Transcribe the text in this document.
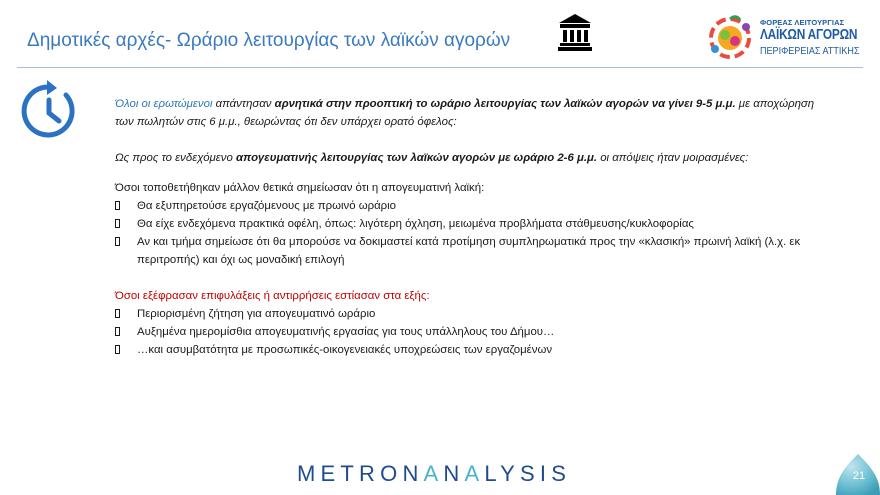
Δημοτικές αρχές- Ωράριο λειτουργίας των λαϊκών αγορών
ΦΟΡΕΑΣ ΛΕΙΤΟΥΡΓΙΑΣ
ΛΑΪΚΩΝ ΑΓΟΡΩΝ
ΠΕΡΙΦΕΡΕΙΑΣ ΑΤΤΙΚΗΣ

Όλοι οι ερωτώμενοι απάντησαν αρνητικά στην προοπτική το ωράριο λειτουργίας των λαϊκών αγορών να γίνει 9-5 μ.μ. με αποχώρηση των πωλητών στις 6 μ.μ., θεωρώντας ότι δεν υπάρχει ορατό όφελος:

Ως προς το ενδεχόμενο απογευματινής λειτουργίας των λαϊκών αγορών με ωράριο 2-6 μ.μ. οι απόψεις ήταν μοιρασμένες:

Όσοι τοποθετήθηκαν μάλλον θετικά σημείωσαν ότι η απογευματινή λαϊκή:

Θα εξυπηρετούσε εργαζόμενους με πρωινό ωράριο
Θα είχε ενδεχόμενα πρακτικά οφέλη, όπως: λιγότερη όχληση, μειωμένα προβλήματα στάθμευσης/κυκλοφορίας
Αν και τμήμα σημείωσε ότι θα μπορούσε να δοκιμαστεί κατά προτίμηση συμπληρωματικά προς την «κλασική» πρωινή λαϊκή (λ.χ. εκ περιτροπής) και όχι ως μοναδική επιλογή

Όσοι εξέφρασαν επιφυλάξεις ή αντιρρήσεις εστίασαν στα εξής:

Περιορισμένη ζήτηση για απογευματινό ωράριο
Αυξημένα ημερομίσθια απογευματινής εργασίας για τους υπάλληλους του Δήμου…
…και ασυμβατότητα με προσωπικές-οικογενειακές υποχρεώσεις των εργαζομένων
METRONANALYSIS	21
